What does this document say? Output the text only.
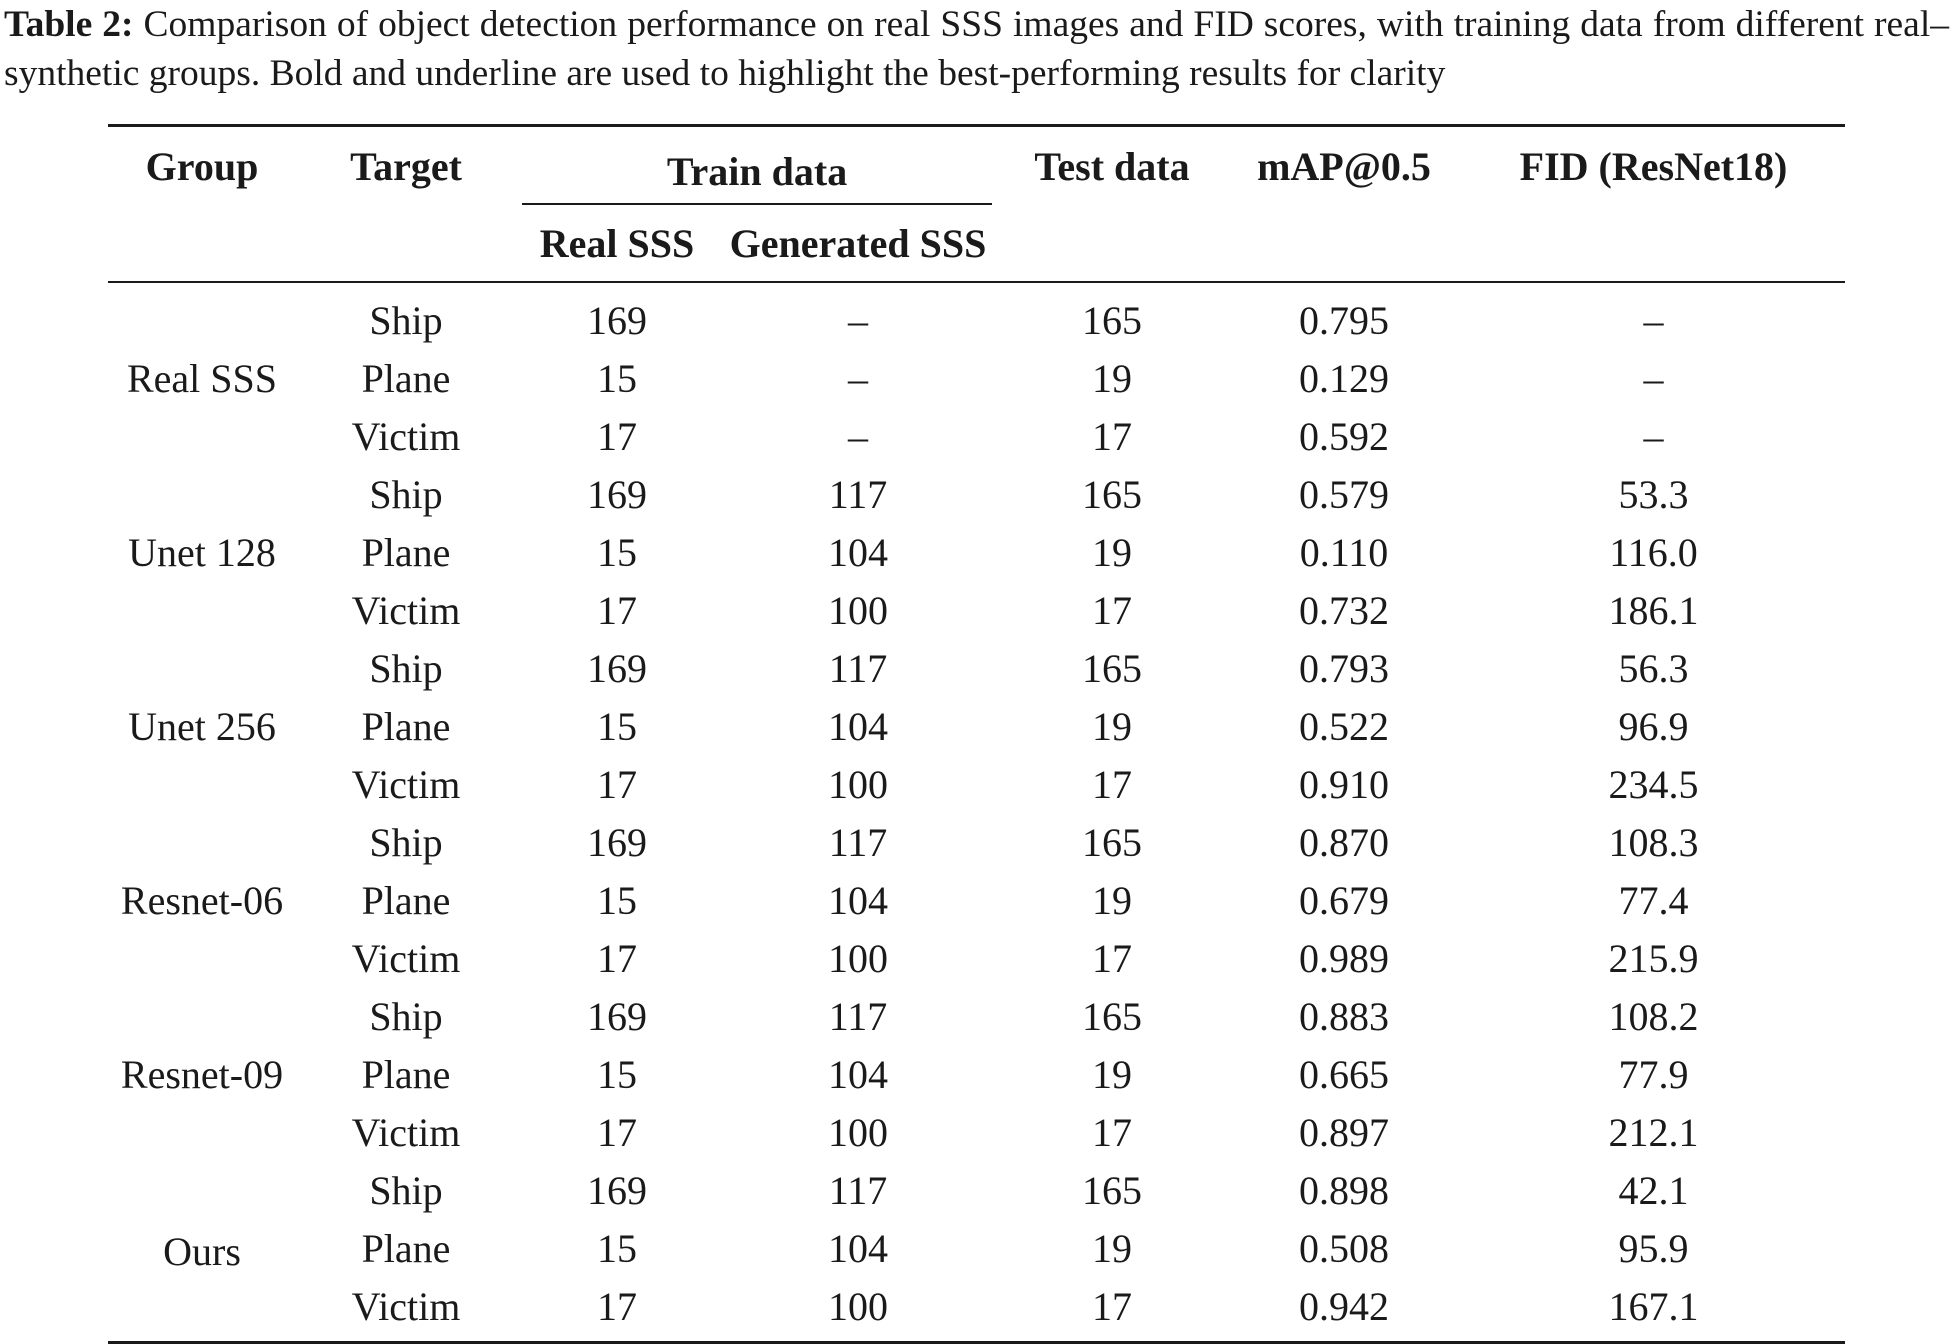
Table 2: Comparison of object detection performance on real SSS images and FID scores, with training data from different real–synthetic groups. Bold and underline are used to highlight the best-performing results for clarity
Group	Target	Train data		Test data	mAP@0.5	FID (ResNet18)
		Real SSS	Generated SSS			
Real SSS	Ship	169	–	165	0.795	–
	Plane	15	–	19	0.129	–
	Victim	17	–	17	0.592	–
Unet 128	Ship	169	117	165	0.579	53.3
	Plane	15	104	19	0.110	116.0
	Victim	17	100	17	0.732	186.1
Unet 256	Ship	169	117	165	0.793	56.3
	Plane	15	104	19	0.522	96.9
	Victim	17	100	17	0.910	234.5
Resnet-06	Ship	169	117	165	0.870	108.3
	Plane	15	104	19	0.679	77.4
	Victim	17	100	17	0.989	215.9
Resnet-09	Ship	169	117	165	0.883	108.2
	Plane	15	104	19	0.665	77.9
	Victim	17	100	17	0.897	212.1
Ours	Ship	169	117	165	0.898	42.1
	Plane	15	104	19	0.508	95.9
	Victim	17	100	17	0.942	167.1
